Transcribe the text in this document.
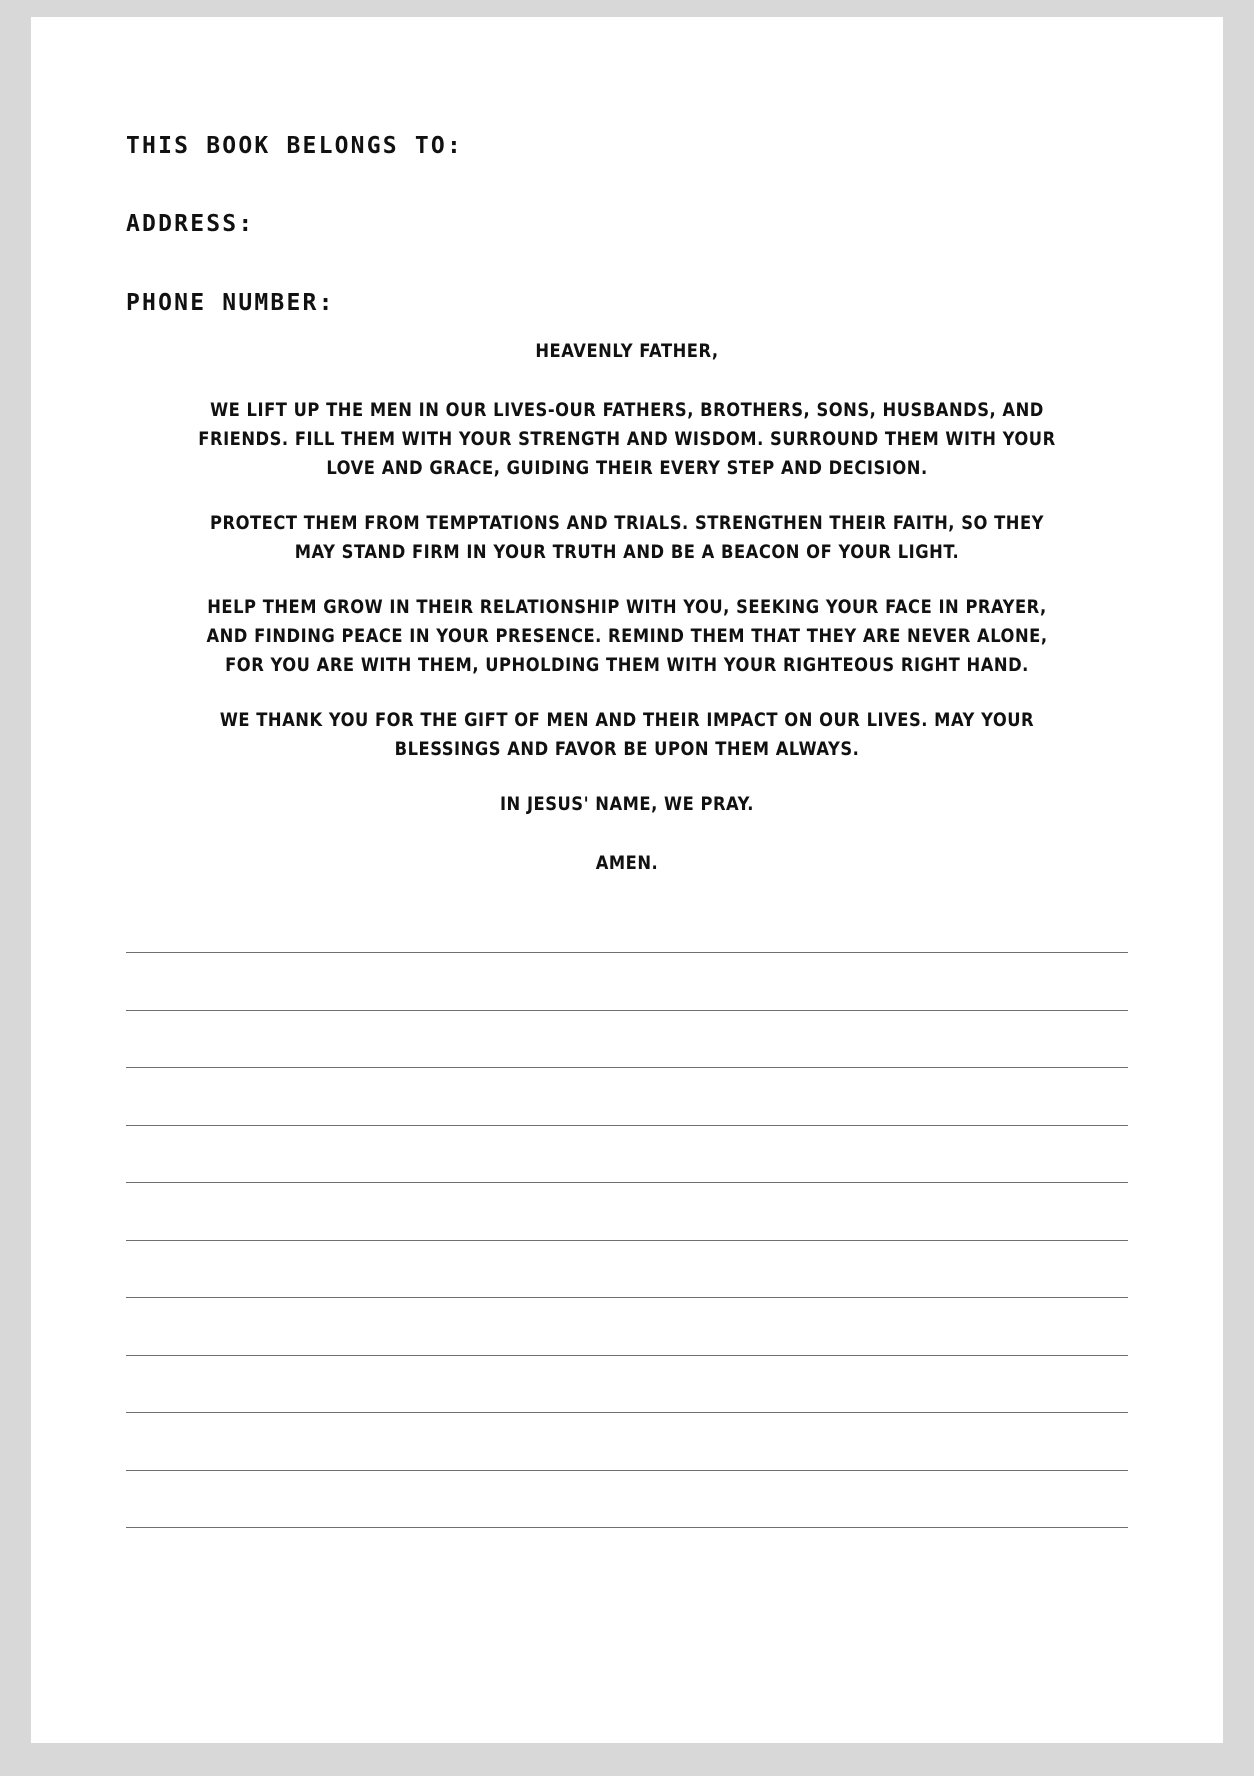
THIS BOOK BELONGS TO:
ADDRESS:
PHONE NUMBER:

HEAVENLY FATHER,

WE LIFT UP THE MEN IN OUR LIVES-OUR FATHERS, BROTHERS, SONS, HUSBANDS, AND FRIENDS. FILL THEM WITH YOUR STRENGTH AND WISDOM. SURROUND THEM WITH YOUR LOVE AND GRACE, GUIDING THEIR EVERY STEP AND DECISION.

PROTECT THEM FROM TEMPTATIONS AND TRIALS. STRENGTHEN THEIR FAITH, SO THEY MAY STAND FIRM IN YOUR TRUTH AND BE A BEACON OF YOUR LIGHT.

HELP THEM GROW IN THEIR RELATIONSHIP WITH YOU, SEEKING YOUR FACE IN PRAYER, AND FINDING PEACE IN YOUR PRESENCE. REMIND THEM THAT THEY ARE NEVER ALONE, FOR YOU ARE WITH THEM, UPHOLDING THEM WITH YOUR RIGHTEOUS RIGHT HAND.

WE THANK YOU FOR THE GIFT OF MEN AND THEIR IMPACT ON OUR LIVES. MAY YOUR BLESSINGS AND FAVOR BE UPON THEM ALWAYS.

IN JESUS' NAME, WE PRAY.

AMEN.
